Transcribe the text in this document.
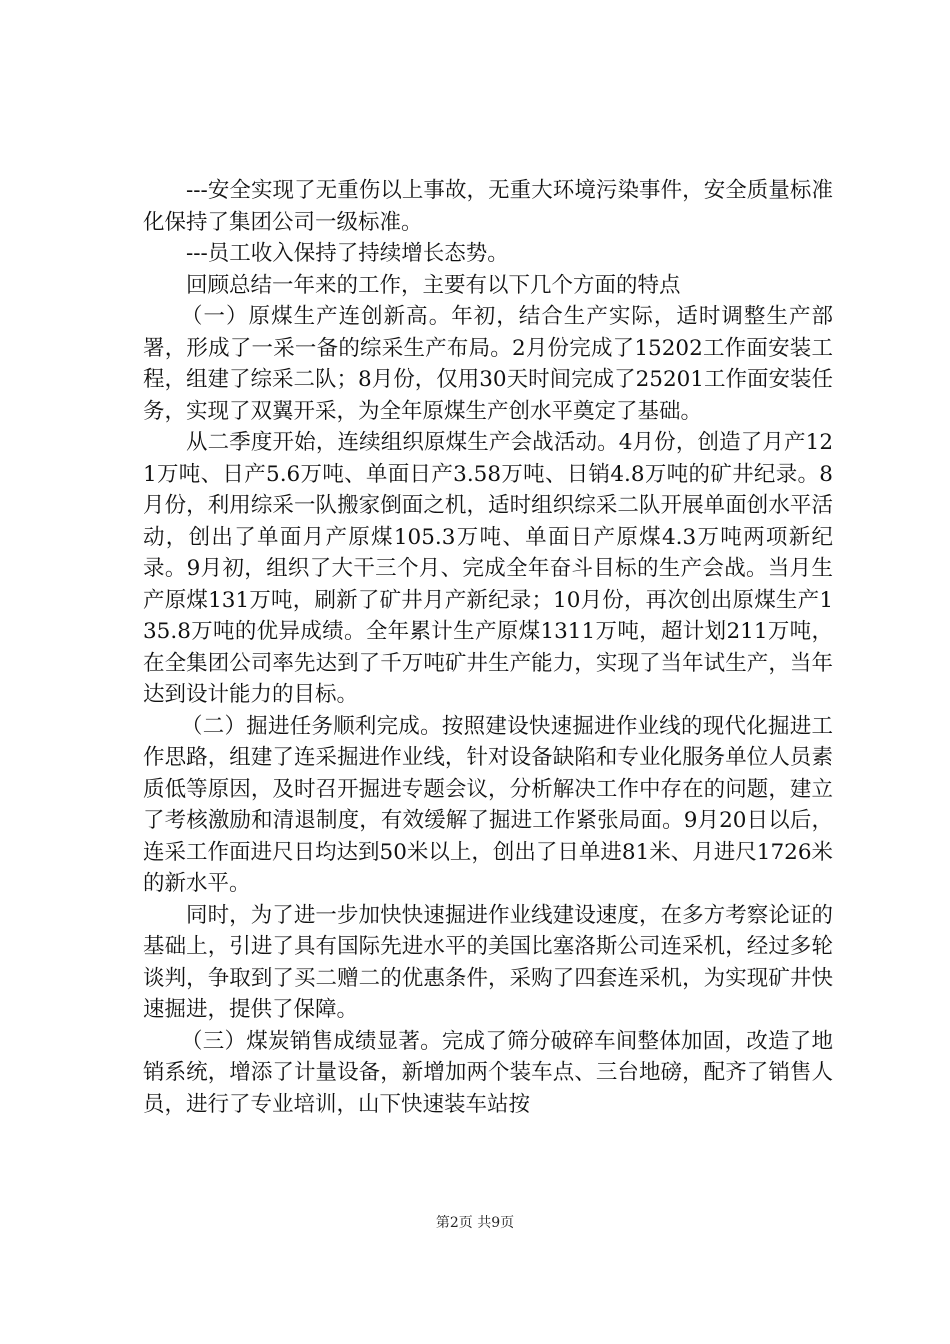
---安全实现了无重伤以上事故，无重大环境污染事件，安全质量标准化保持了集团公司一级标准。

---员工收入保持了持续增长态势。

回顾总结一年来的工作，主要有以下几个方面的特点

（一）原煤生产连创新高。年初，结合生产实际，适时调整生产部署，形成了一采一备的综采生产布局。2月份完成了15202工作面安装工程，组建了综采二队；8月份，仅用30天时间完成了25201工作面安装任务，实现了双翼开采，为全年原煤生产创水平奠定了基础。

从二季度开始，连续组织原煤生产会战活动。4月份，创造了月产121万吨、日产5.6万吨、单面日产3.58万吨、日销4.8万吨的矿井纪录。8月份，利用综采一队搬家倒面之机，适时组织综采二队开展单面创水平活动，创出了单面月产原煤105.3万吨、单面日产原煤4.3万吨两项新纪录。9月初，组织了大干三个月、完成全年奋斗目标的生产会战。当月生产原煤131万吨，刷新了矿井月产新纪录；10月份，再次创出原煤生产135.8万吨的优异成绩。全年累计生产原煤1311万吨，超计划211万吨，在全集团公司率先达到了千万吨矿井生产能力，实现了当年试生产，当年达到设计能力的目标。

（二）掘进任务顺利完成。按照建设快速掘进作业线的现代化掘进工作思路，组建了连采掘进作业线，针对设备缺陷和专业化服务单位人员素质低等原因，及时召开掘进专题会议，分析解决工作中存在的问题，建立了考核激励和清退制度，有效缓解了掘进工作紧张局面。9月20日以后，连采工作面进尺日均达到50米以上，创出了日单进81米、月进尺1726米的新水平。

同时，为了进一步加快快速掘进作业线建设速度，在多方考察论证的基础上，引进了具有国际先进水平的美国比塞洛斯公司连采机，经过多轮谈判，争取到了买二赠二的优惠条件，采购了四套连采机，为实现矿井快速掘进，提供了保障。

（三）煤炭销售成绩显著。完成了筛分破碎车间整体加固，改造了地销系统，增添了计量设备，新增加两个装车点、三台地磅，配齐了销售人员，进行了专业培训，山下快速装车站按

第2页 共9页
